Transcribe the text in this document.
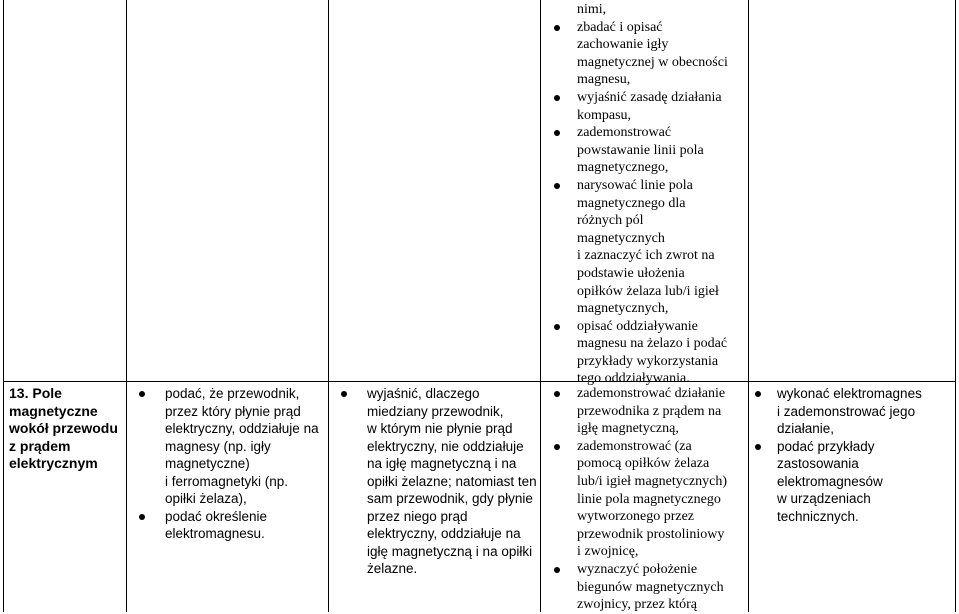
nimi,
zbadać i opisać
zachowanie igły
magnetycznej w obecności
magnesu,
wyjaśnić zasadę działania
kompasu,
zademonstrować
powstawanie linii pola
magnetycznego,
narysować linie pola
magnetycznego dla
różnych pól
magnetycznych
i zaznaczyć ich zwrot na
podstawie ułożenia
opiłków żelaza lub/i igieł
magnetycznych,
opisać oddziaływanie
magnesu na żelazo i podać
przykłady wykorzystania
tego oddziaływania.
13. Pole
magnetyczne
wokół przewodu
z prądem
elektrycznym
podać, że przewodnik,
przez który płynie prąd
elektryczny, oddziałuje na
magnesy (np. igły
magnetyczne)
i ferromagnetyki (np.
opiłki żelaza),
podać określenie
elektromagnesu.
wyjaśnić, dlaczego
miedziany przewodnik,
w którym nie płynie prąd
elektryczny, nie oddziałuje
na igłę magnetyczną i na
opiłki żelazne; natomiast ten
sam przewodnik, gdy płynie
przez niego prąd
elektryczny, oddziałuje na
igłę magnetyczną i na opiłki
żelazne.
zademonstrować działanie
przewodnika z prądem na
igłę magnetyczną,
zademonstrować (za
pomocą opiłków żelaza
lub/i igieł magnetycznych)
linie pola magnetycznego
wytworzonego przez
przewodnik prostoliniowy
i zwojnicę,
wyznaczyć położenie
biegunów magnetycznych
zwojnicy, przez którą
wykonać elektromagnes
i zademonstrować jego
działanie,
podać przykłady
zastosowania
elektromagnesów
w urządzeniach
technicznych.
